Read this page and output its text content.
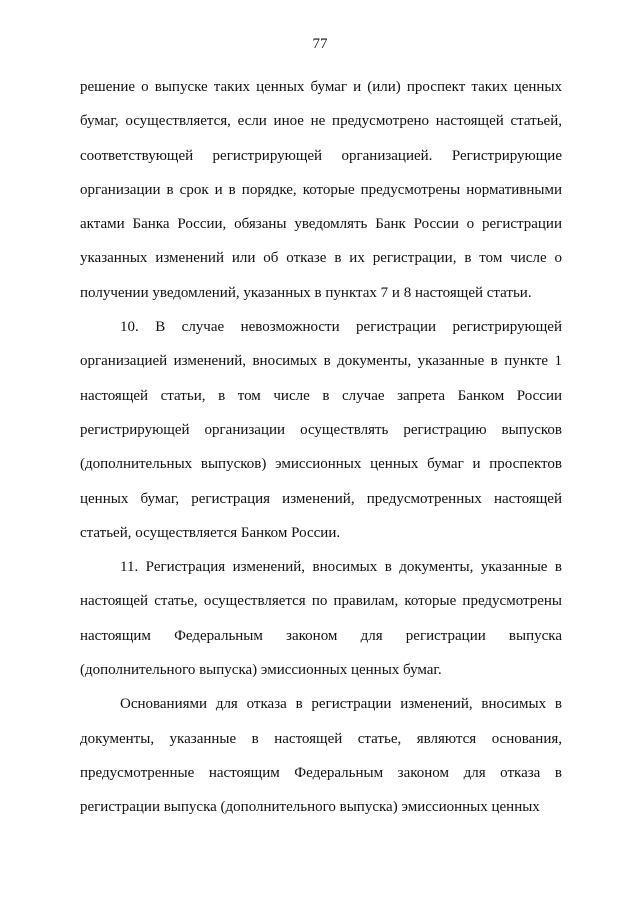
77

решение о выпуске таких ценных бумаг и (или) проспект таких ценных бумаг, осуществляется, если иное не предусмотрено настоящей статьей, соответствующей регистрирующей организацией. Регистрирующие организации в срок и в порядке, которые предусмотрены нормативными актами Банка России, обязаны уведомлять Банк России о регистрации указанных изменений или об отказе в их регистрации, в том числе о получении уведомлений, указанных в пунктах 7 и 8 настоящей статьи.

10. В случае невозможности регистрации регистрирующей организацией изменений, вносимых в документы, указанные в пункте 1 настоящей статьи, в том числе в случае запрета Банком России регистрирующей организации осуществлять регистрацию выпусков (дополнительных выпусков) эмиссионных ценных бумаг и проспектов ценных бумаг, регистрация изменений, предусмотренных настоящей статьей, осуществляется Банком России.

11. Регистрация изменений, вносимых в документы, указанные в настоящей статье, осуществляется по правилам, которые предусмотрены настоящим Федеральным законом для регистрации выпуска (дополнительного выпуска) эмиссионных ценных бумаг.

Основаниями для отказа в регистрации изменений, вносимых в документы, указанные в настоящей статье, являются основания, предусмотренные настоящим Федеральным законом для отказа в регистрации выпуска (дополнительного выпуска) эмиссионных ценных
